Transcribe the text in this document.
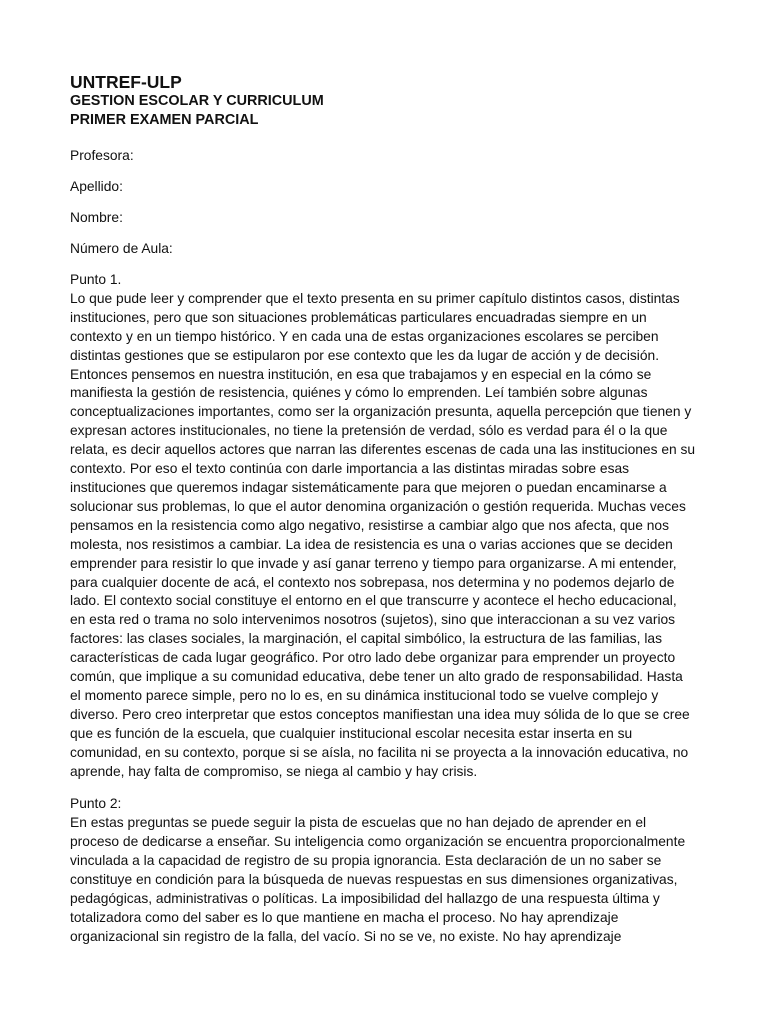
UNTREF-ULP
GESTION ESCOLAR Y CURRICULUM
PRIMER EXAMEN PARCIAL

Profesora:

Apellido:

Nombre:

Número de Aula:

Punto 1.

Lo que pude leer y comprender que el texto presenta en su primer capítulo distintos casos, distintas
instituciones, pero que son situaciones problemáticas particulares encuadradas siempre en un
contexto y en un tiempo histórico. Y en cada una de estas organizaciones escolares se perciben
distintas gestiones que se estipularon por ese contexto que les da lugar de acción y de decisión.
Entonces pensemos en nuestra institución, en esa que trabajamos y en especial en la cómo se
manifiesta la gestión de resistencia, quiénes y cómo lo emprenden. Leí también sobre algunas
conceptualizaciones importantes, como ser la organización presunta, aquella percepción que tienen y
expresan actores institucionales, no tiene la pretensión de verdad, sólo es verdad para él o la que
relata, es decir aquellos actores que narran las diferentes escenas de cada una las instituciones en su
contexto. Por eso el texto continúa con darle importancia a las distintas miradas sobre esas
instituciones que queremos indagar sistemáticamente para que mejoren o puedan encaminarse a
solucionar sus problemas, lo que el autor denomina organización o gestión requerida. Muchas veces
pensamos en la resistencia como algo negativo, resistirse a cambiar algo que nos afecta, que nos
molesta, nos resistimos a cambiar. La idea de resistencia es una o varias acciones que se deciden
emprender para resistir lo que invade y así ganar terreno y tiempo para organizarse. A mi entender,
para cualquier docente de acá, el contexto nos sobrepasa, nos determina y no podemos dejarlo de
lado. El contexto social constituye el entorno en el que transcurre y acontece el hecho educacional,
en esta red o trama no solo intervenimos nosotros (sujetos), sino que interaccionan a su vez varios
factores: las clases sociales, la marginación, el capital simbólico, la estructura de las familias, las
características de cada lugar geográfico. Por otro lado debe organizar para emprender un proyecto
común, que implique a su comunidad educativa, debe tener un alto grado de responsabilidad. Hasta
el momento parece simple, pero no lo es, en su dinámica institucional todo se vuelve complejo y
diverso. Pero creo interpretar que estos conceptos manifiestan una idea muy sólida de lo que se cree
que es función de la escuela, que cualquier institucional escolar necesita estar inserta en su
comunidad, en su contexto, porque si se aísla, no facilita ni se proyecta a la innovación educativa, no
aprende, hay falta de compromiso, se niega al cambio y hay crisis.

Punto 2:

En estas preguntas se puede seguir la pista de escuelas que no han dejado de aprender en el
proceso de dedicarse a enseñar. Su inteligencia como organización se encuentra proporcionalmente
vinculada a la capacidad de registro de su propia ignorancia. Esta declaración de un no saber se
constituye en condición para la búsqueda de nuevas respuestas en sus dimensiones organizativas,
pedagógicas, administrativas o políticas. La imposibilidad del hallazgo de una respuesta última y
totalizadora como del saber es lo que mantiene en macha el proceso. No hay aprendizaje
organizacional sin registro de la falla, del vacío. Si no se ve, no existe. No hay aprendizaje
